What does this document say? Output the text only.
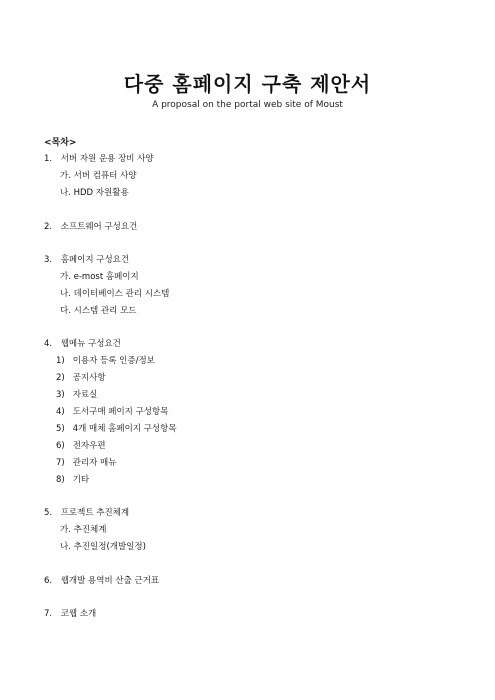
다중 홈페이지 구축 제안서
A proposal on the portal web site of Moust
<목차>
1. 서버 자원 운용 장비 사양
가. 서버 컴퓨터 사양
나. HDD 자원활용
2. 소프트웨어 구성요건
3. 홈페이지 구성요건
가. e-most 홈페이지
나. 데이터베이스 관리 시스템
다. 시스템 관리 모드
4. 웹메뉴 구성요건
1) 이용자 등록 인증/정보
2) 공지사항
3) 자료실
4) 도서구매 페이지 구성항목
5) 4개 매체 홈페이지 구성항목
6) 전자우편
7) 관리자 매뉴
8) 기타
5. 프로젝트 추진체계
가. 추진체계
나. 추진일정(개발일정)
6. 웹개발 용역비 산출 근거표
7. 코웹 소개
